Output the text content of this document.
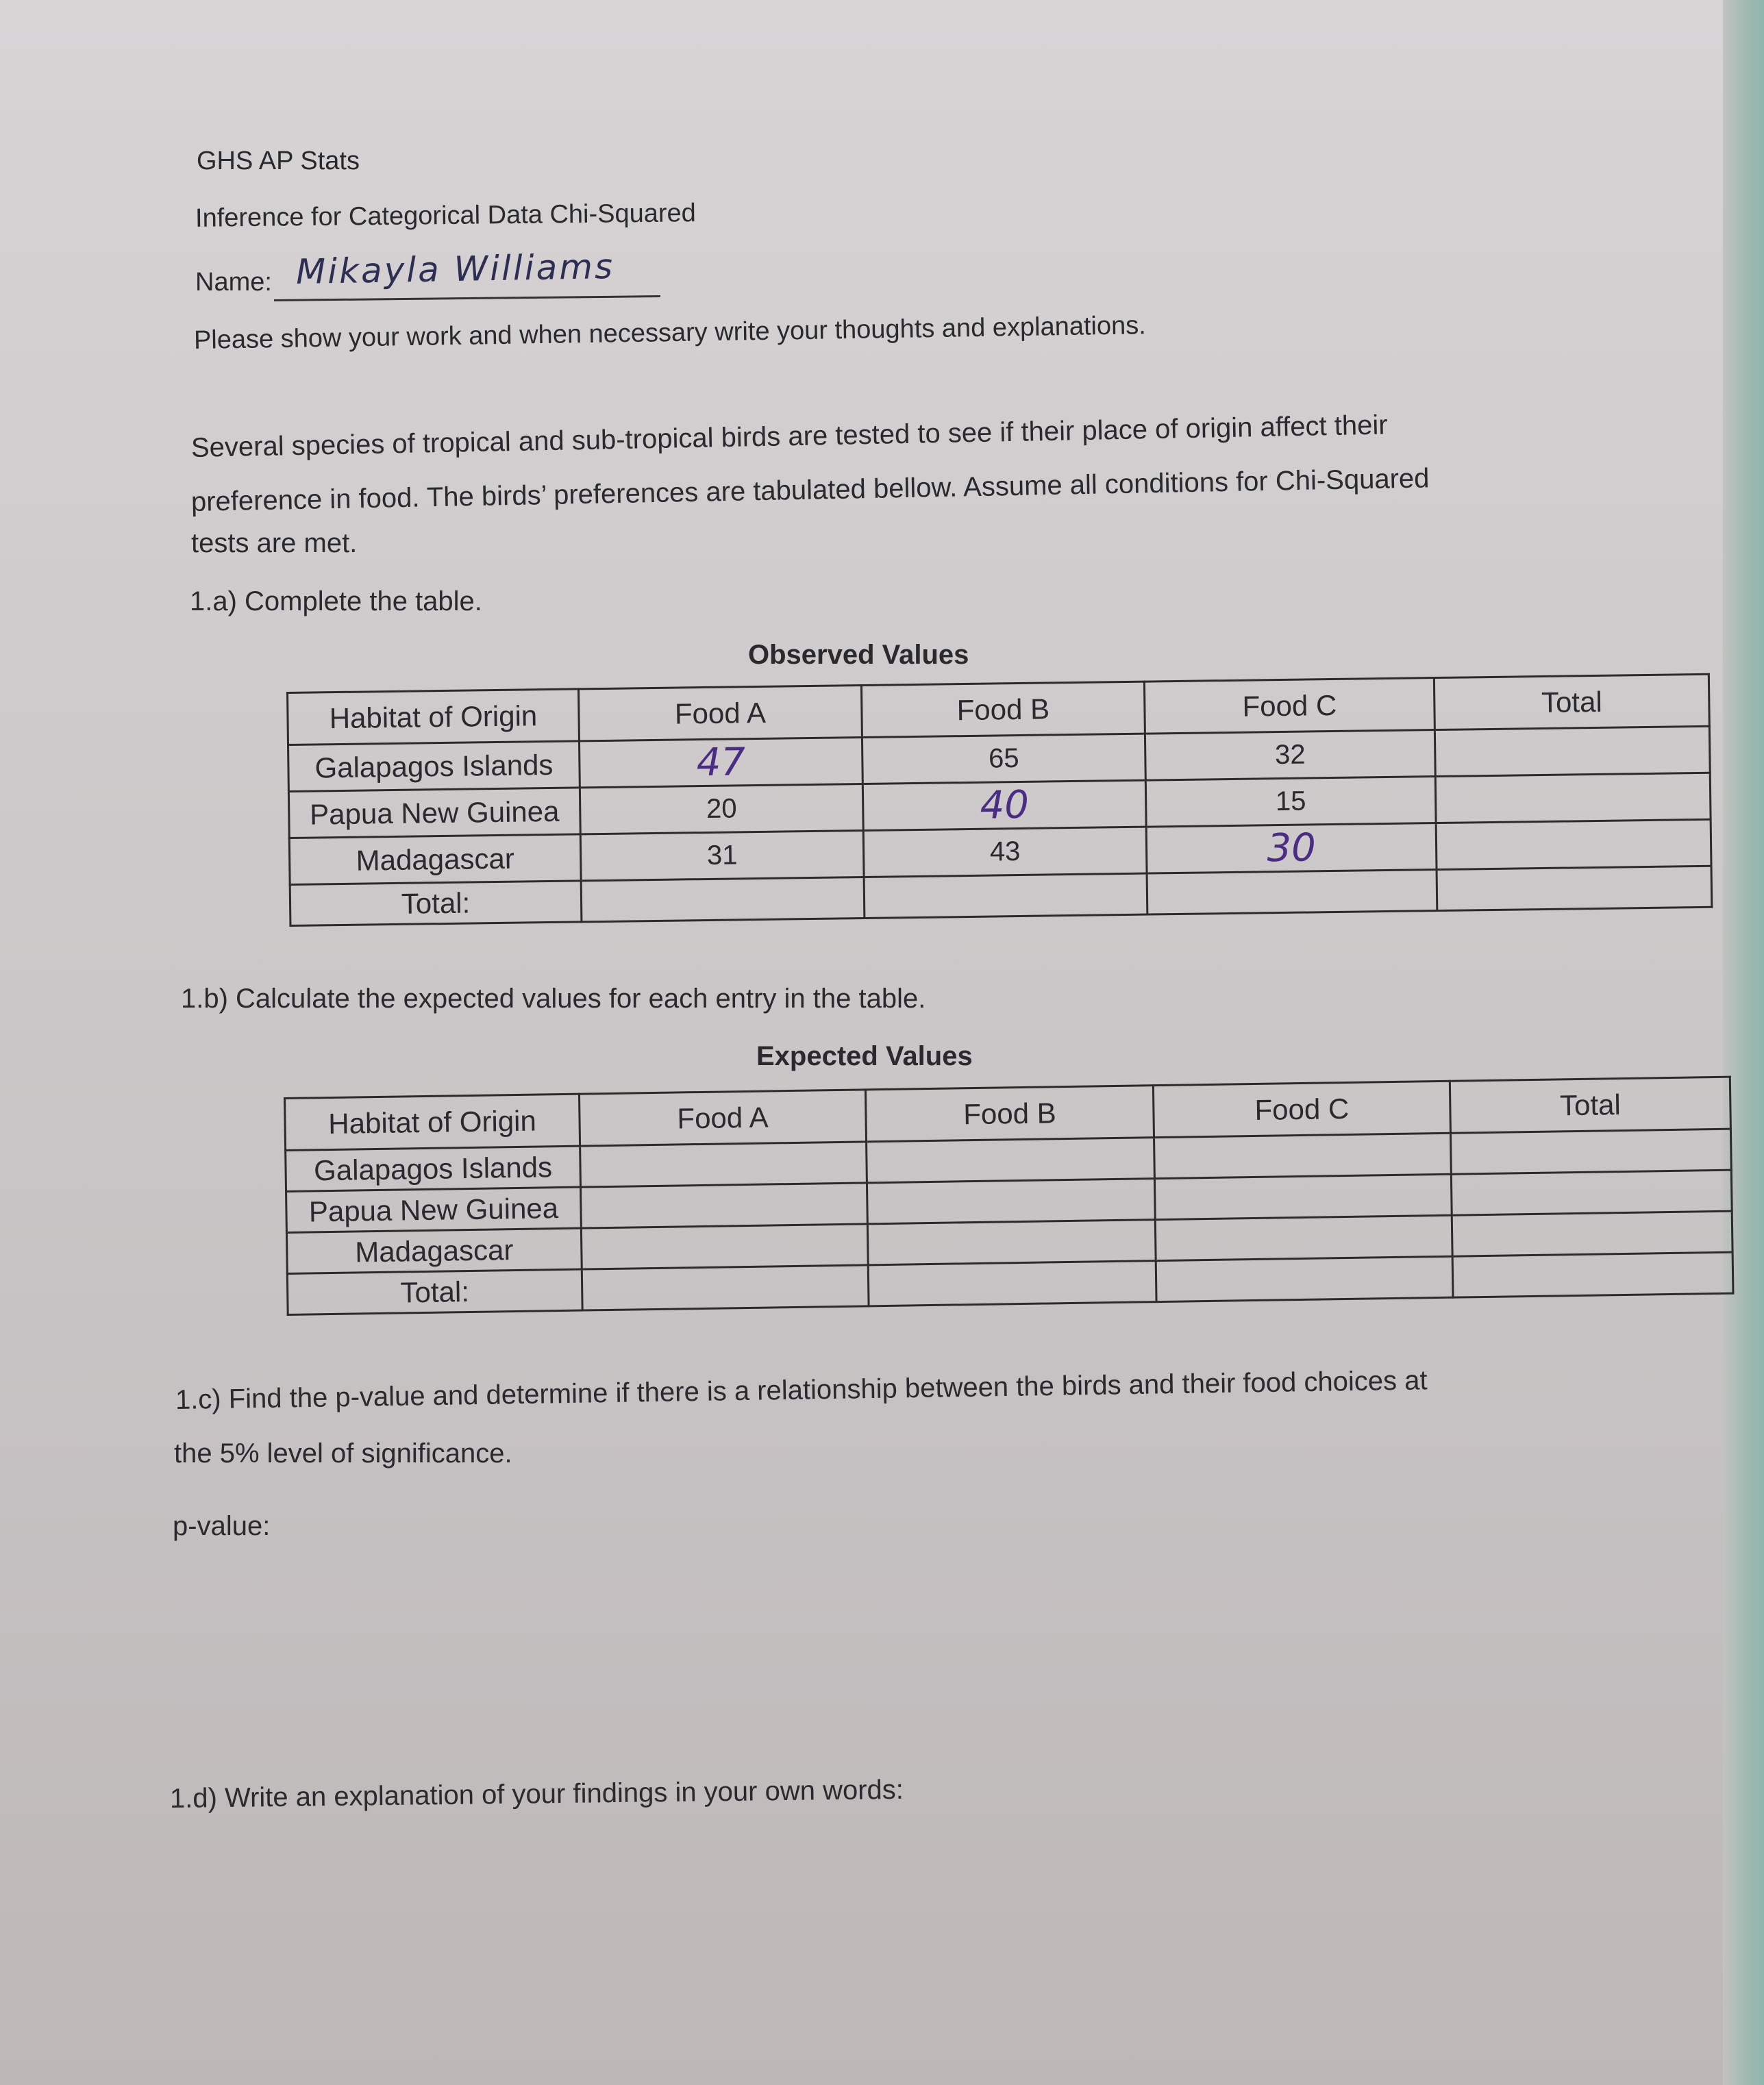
GHS AP Stats
Inference for Categorical Data Chi-Squared
Name: Mikayla Williams
Please show your work and when necessary write your thoughts and explanations.
Several species of tropical and sub-tropical birds are tested to see if their place of origin affect their
preference in food. The birds’ preferences are tabulated bellow. Assume all conditions for Chi-Squared
tests are met.
1.a) Complete the table.
Observed Values
Habitat of Origin	Food A	Food B	Food C	Total
Galapagos Islands	47	65	32	
Papua New Guinea	20	40	15	
Madagascar	31	43	30	
Total:				
1.b) Calculate the expected values for each entry in the table.
Expected Values
Habitat of Origin	Food A	Food B	Food C	Total
Galapagos Islands				
Papua New Guinea				
Madagascar				
Total:				
1.c) Find the p-value and determine if there is a relationship between the birds and their food choices at
the 5% level of significance.
p-value:
1.d) Write an explanation of your findings in your own words:
